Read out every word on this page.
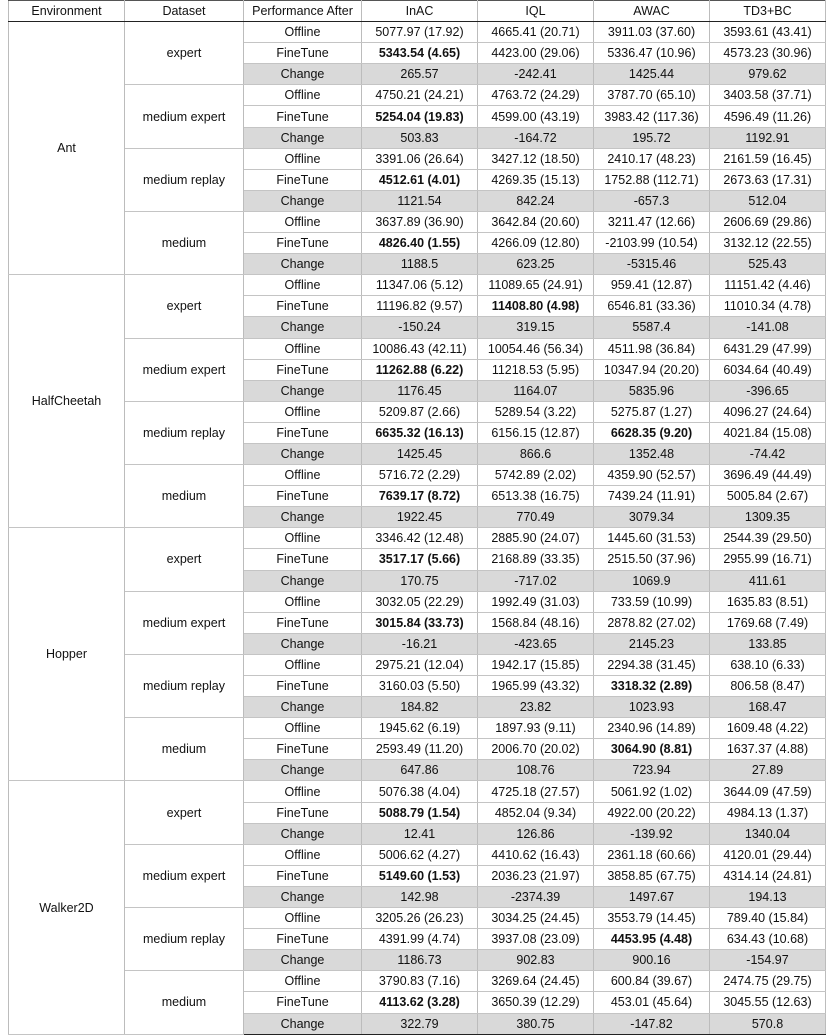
Environment	Dataset	Performance After	InAC	IQL	AWAC	TD3+BC
Ant	expert	Offline	5077.97 (17.92)	4665.41 (20.71)	3911.03 (37.60)	3593.61 (43.41)
		FineTune	5343.54 (4.65)	4423.00 (29.06)	5336.47 (10.96)	4573.23 (30.96)
		Change	265.57	-242.41	1425.44	979.62
	medium expert	Offline	4750.21 (24.21)	4763.72 (24.29)	3787.70 (65.10)	3403.58 (37.71)
		FineTune	5254.04 (19.83)	4599.00 (43.19)	3983.42 (117.36)	4596.49 (11.26)
		Change	503.83	-164.72	195.72	1192.91
	medium replay	Offline	3391.06 (26.64)	3427.12 (18.50)	2410.17 (48.23)	2161.59 (16.45)
		FineTune	4512.61 (4.01)	4269.35 (15.13)	1752.88 (112.71)	2673.63 (17.31)
		Change	1121.54	842.24	-657.3	512.04
	medium	Offline	3637.89 (36.90)	3642.84 (20.60)	3211.47 (12.66)	2606.69 (29.86)
		FineTune	4826.40 (1.55)	4266.09 (12.80)	-2103.99 (10.54)	3132.12 (22.55)
		Change	1188.5	623.25	-5315.46	525.43
HalfCheetah	expert	Offline	11347.06 (5.12)	11089.65 (24.91)	959.41 (12.87)	11151.42 (4.46)
		FineTune	11196.82 (9.57)	11408.80 (4.98)	6546.81 (33.36)	11010.34 (4.78)
		Change	-150.24	319.15	5587.4	-141.08
	medium expert	Offline	10086.43 (42.11)	10054.46 (56.34)	4511.98 (36.84)	6431.29 (47.99)
		FineTune	11262.88 (6.22)	11218.53 (5.95)	10347.94 (20.20)	6034.64 (40.49)
		Change	1176.45	1164.07	5835.96	-396.65
	medium replay	Offline	5209.87 (2.66)	5289.54 (3.22)	5275.87 (1.27)	4096.27 (24.64)
		FineTune	6635.32 (16.13)	6156.15 (12.87)	6628.35 (9.20)	4021.84 (15.08)
		Change	1425.45	866.6	1352.48	-74.42
	medium	Offline	5716.72 (2.29)	5742.89 (2.02)	4359.90 (52.57)	3696.49 (44.49)
		FineTune	7639.17 (8.72)	6513.38 (16.75)	7439.24 (11.91)	5005.84 (2.67)
		Change	1922.45	770.49	3079.34	1309.35
Hopper	expert	Offline	3346.42 (12.48)	2885.90 (24.07)	1445.60 (31.53)	2544.39 (29.50)
		FineTune	3517.17 (5.66)	2168.89 (33.35)	2515.50 (37.96)	2955.99 (16.71)
		Change	170.75	-717.02	1069.9	411.61
	medium expert	Offline	3032.05 (22.29)	1992.49 (31.03)	733.59 (10.99)	1635.83 (8.51)
		FineTune	3015.84 (33.73)	1568.84 (48.16)	2878.82 (27.02)	1769.68 (7.49)
		Change	-16.21	-423.65	2145.23	133.85
	medium replay	Offline	2975.21 (12.04)	1942.17 (15.85)	2294.38 (31.45)	638.10 (6.33)
		FineTune	3160.03 (5.50)	1965.99 (43.32)	3318.32 (2.89)	806.58 (8.47)
		Change	184.82	23.82	1023.93	168.47
	medium	Offline	1945.62 (6.19)	1897.93 (9.11)	2340.96 (14.89)	1609.48 (4.22)
		FineTune	2593.49 (11.20)	2006.70 (20.02)	3064.90 (8.81)	1637.37 (4.88)
		Change	647.86	108.76	723.94	27.89
Walker2D	expert	Offline	5076.38 (4.04)	4725.18 (27.57)	5061.92 (1.02)	3644.09 (47.59)
		FineTune	5088.79 (1.54)	4852.04 (9.34)	4922.00 (20.22)	4984.13 (1.37)
		Change	12.41	126.86	-139.92	1340.04
	medium expert	Offline	5006.62 (4.27)	4410.62 (16.43)	2361.18 (60.66)	4120.01 (29.44)
		FineTune	5149.60 (1.53)	2036.23 (21.97)	3858.85 (67.75)	4314.14 (24.81)
		Change	142.98	-2374.39	1497.67	194.13
	medium replay	Offline	3205.26 (26.23)	3034.25 (24.45)	3553.79 (14.45)	789.40 (15.84)
		FineTune	4391.99 (4.74)	3937.08 (23.09)	4453.95 (4.48)	634.43 (10.68)
		Change	1186.73	902.83	900.16	-154.97
	medium	Offline	3790.83 (7.16)	3269.64 (24.45)	600.84 (39.67)	2474.75 (29.75)
		FineTune	4113.62 (3.28)	3650.39 (12.29)	453.01 (45.64)	3045.55 (12.63)
		Change	322.79	380.75	-147.82	570.8
